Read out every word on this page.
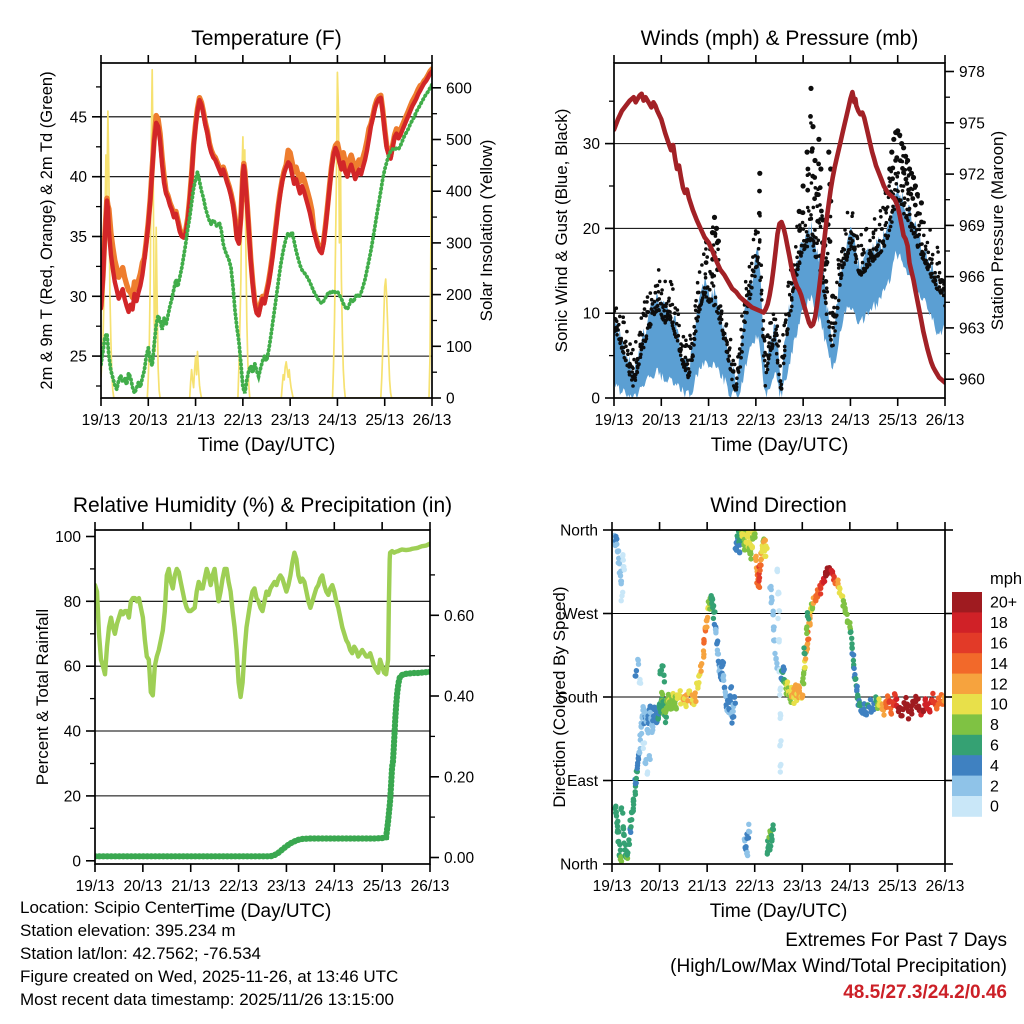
19/13 20/13 21/13 22/13 23/13 24/13 25/13 26/13
Time (Day/UTC)
Temperature (F)
25
30
35
40
45
0
100
200
300
400
500
600
2m & 9m T (Red, Orange) & 2m Td (Green)	Solar Insolation (Yellow)
19/13 20/13 21/13 22/13 23/13 24/13 25/13 26/13
Time (Day/UTC)
Winds (mph) & Pressure (mb)
0
10
20
30
960
963
966
969
972
975
978
Sonic Wind & Gust (Blue, Black)	Station Pressure (Maroon)
19/13 20/13 21/13 22/13 23/13 24/13 25/13 26/13
Time (Day/UTC)
Relative Humidity (%) & Precipitation (in)
0
20
40
60
80
100
0.00
0.20
0.40
0.60
Percent & Total Rainfall
19/13 20/13 21/13 22/13 23/13 24/13 25/13 26/13
Time (Day/UTC)
Wind Direction
North
West
South
East
North
Direction (Colored By Speed)
mph
20+
18
16
14
12
10
8
6
4
2
0
Location: Scipio Center
Station elevation: 395.234 m
Station lat/lon: 42.7562; -76.534
Figure created on Wed, 2025-11-26, at 13:46 UTC
Most recent data timestamp: 2025/11/26 13:15:00
Extremes For Past 7 Days
(High/Low/Max Wind/Total Precipitation)
48.5/27.3/24.2/0.46
